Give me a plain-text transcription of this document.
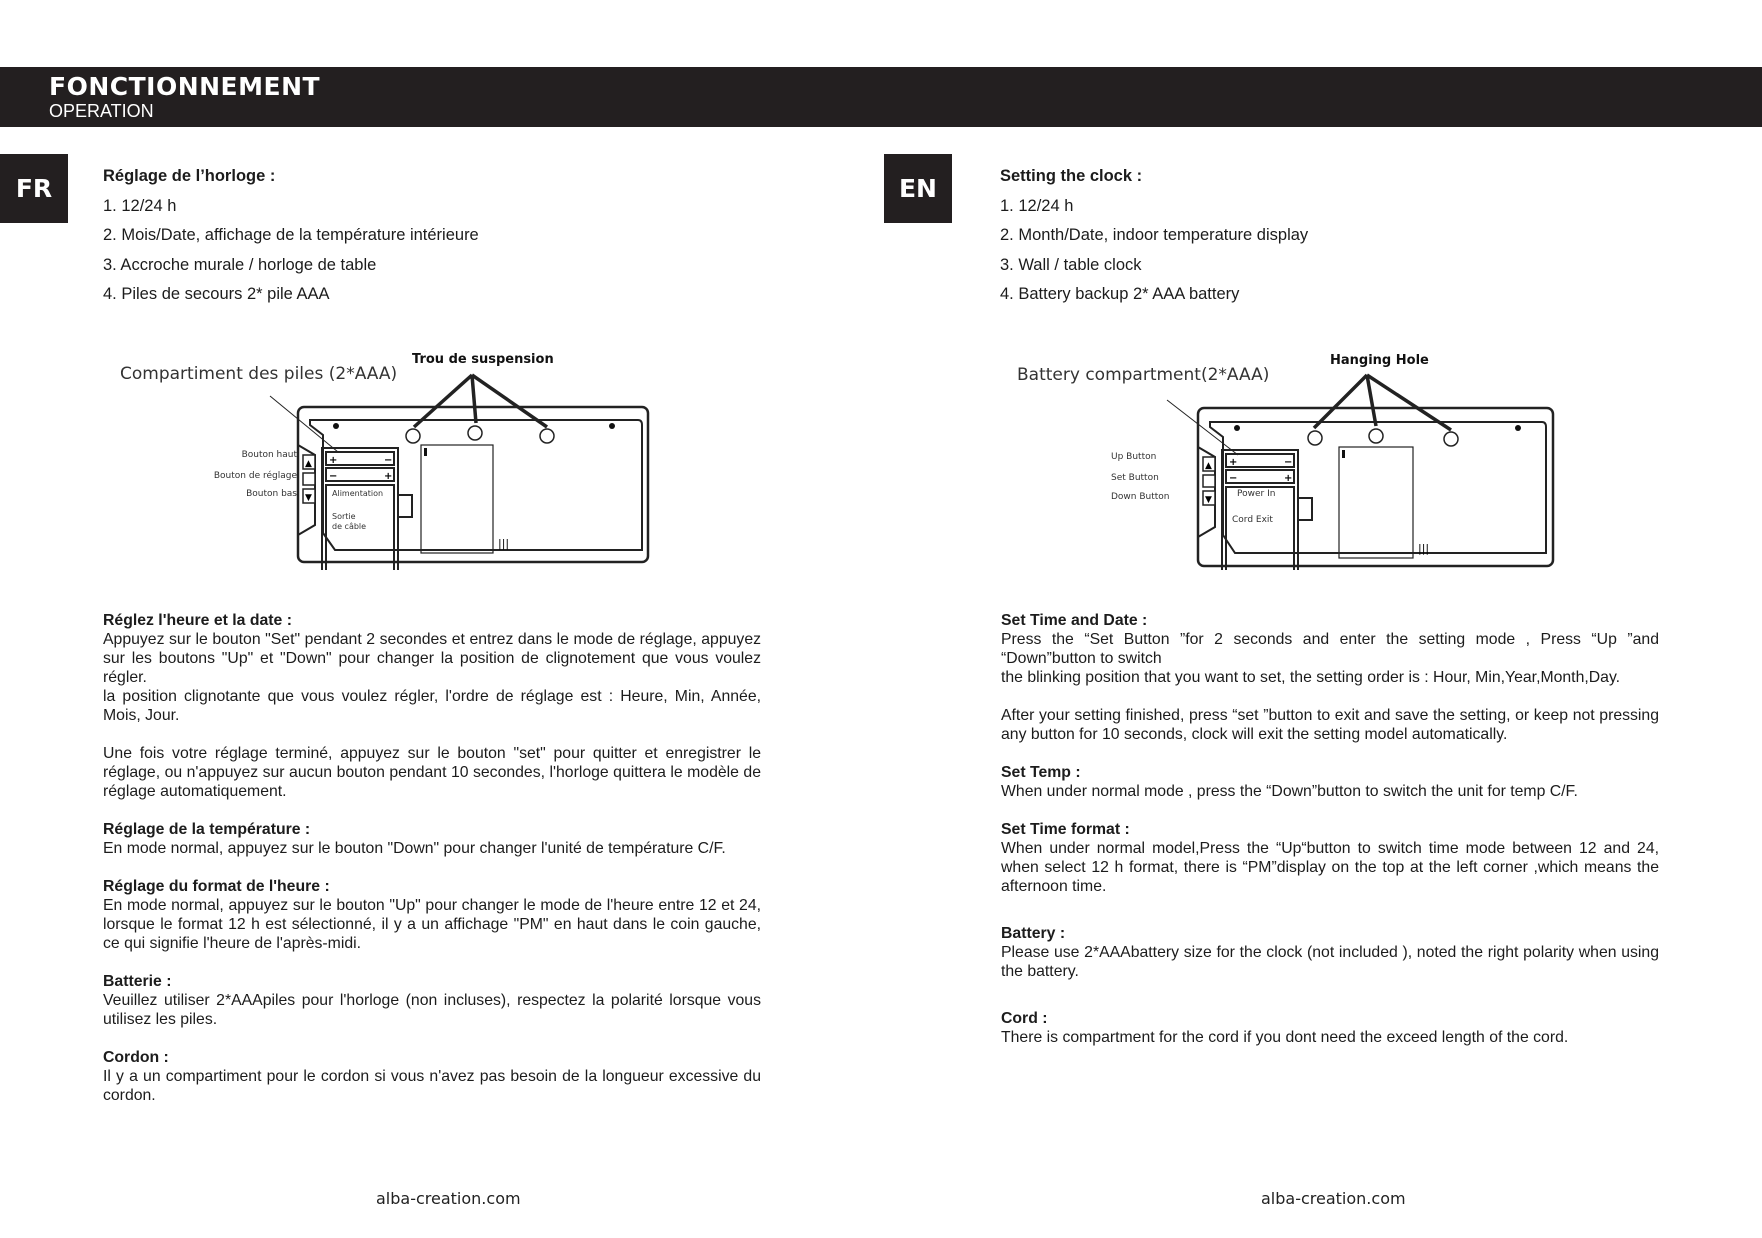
FONCTIONNEMENT
OPERATION
FR	EN
Réglage de l’horloge :
1. 12/24 h
2. Mois/Date, affichage de la température intérieure
3. Accroche murale / horloge de table
4. Piles de secours 2* pile AAA
Setting the clock :
1. 12/24 h
2. Month/Date, indoor temperature display
3. Wall / table clock
4. Battery backup 2* AAA battery
Compartiment des piles (2*AAA)
Trou de suspension
+	−
−	+
|||
▲
▼
Bouton haut
Bouton de réglage
Bouton bas	Alimentation
Sortie
de câble
Battery compartment(2*AAA)
Hanging Hole
+	−
−	+
|||
▲
▼
Up Button
Set Button
Down Button	Power In
Cord Exit
Réglez l'heure et la date :

Appuyez sur le bouton "Set" pendant 2 secondes et entrez dans le mode de réglage, appuyez sur les boutons "Up" et "Down" pour changer la position de clignotement que vous voulez régler.

la position clignotante que vous voulez régler, l'ordre de réglage est : Heure, Min, Année, Mois, Jour.

Une fois votre réglage terminé, appuyez sur le bouton "set" pour quitter et enregistrer le réglage, ou n'appuyez sur aucun bouton pendant 10 secondes, l'horloge quittera le modèle de réglage automatiquement.

Réglage de la température :

En mode normal, appuyez sur le bouton "Down" pour changer l'unité de température C/F.

Réglage du format de l'heure :

En mode normal, appuyez sur le bouton "Up" pour changer le mode de l'heure entre 12 et 24, lorsque le format 12 h est sélectionné, il y a un affichage "PM" en haut dans le coin gauche, ce qui signifie l'heure de l'après-midi.

Batterie :

Veuillez utiliser 2*AAApiles pour l'horloge (non incluses), respectez la polarité lorsque vous utilisez les piles.

Cordon :

Il y a un compartiment pour le cordon si vous n'avez pas besoin de la longueur excessive du cordon.

Set Time and Date :

Press the “Set Button ”for 2 seconds and enter the setting mode , Press “Up ”and “Down”button to switch

the blinking position that you want to set, the setting order is : Hour, Min,Year,Month,Day.

After your setting finished, press “set ”button to exit and save the setting, or keep not pressing any button for 10 seconds, clock will exit the setting model automatically.

Set Temp :

When under normal mode , press the “Down”button to switch the unit for temp C/F.

Set Time format :

When under normal model,Press the “Up“button to switch time mode between 12 and 24, when select 12 h format, there is “PM”display on the top at the left corner ,which means the afternoon time.

Battery :

Please use 2*AAAbattery size for the clock (not included ), noted the right polarity when using the battery.

Cord :

There is compartment for the cord if you dont need the exceed length of the cord.

alba-creation.com	alba-creation.com
